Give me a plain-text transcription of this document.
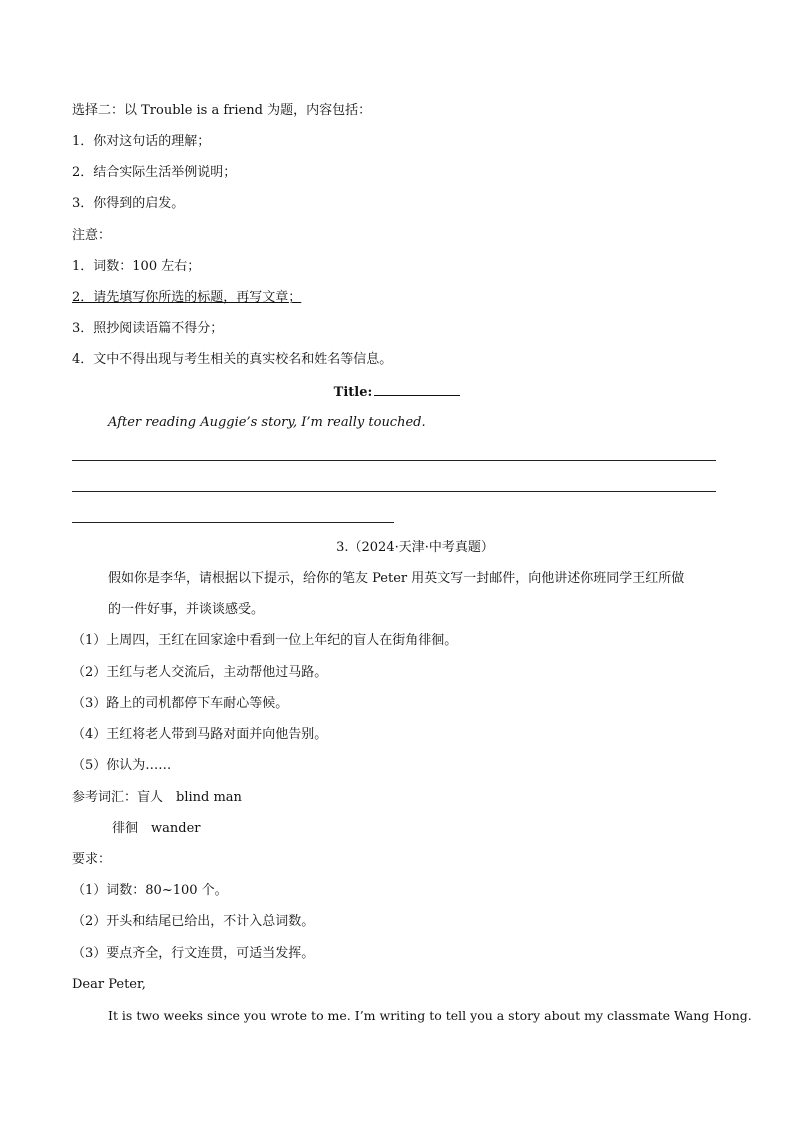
选择二：以 Trouble is a friend 为题，内容包括：
1．你对这句话的理解；
2．结合实际生活举例说明；
3．你得到的启发。
注意：
1．词数：100 左右；
2．请先填写你所选的标题，再写文章；
3．照抄阅读语篇不得分；
4．文中不得出现与考生相关的真实校名和姓名等信息。
Title:
After reading Auggie’s story, I’m really touched.
3.（2024·天津·中考真题）
假如你是李华，请根据以下提示，给你的笔友 Peter 用英文写一封邮件，向他讲述你班同学王红所做
的一件好事，并谈谈感受。
（1）上周四，王红在回家途中看到一位上年纪的盲人在街角徘徊。
（2）王红与老人交流后，主动帮他过马路。
（3）路上的司机都停下车耐心等候。
（4）王红将老人带到马路对面并向他告别。
（5）你认为……
参考词汇：盲人　blind man
徘徊　wander
要求：
（1）词数：80~100 个。
（2）开头和结尾已给出，不计入总词数。
（3）要点齐全，行文连贯，可适当发挥。
Dear Peter,
It is two weeks since you wrote to me. I’m writing to tell you a story about my classmate Wang Hong.
